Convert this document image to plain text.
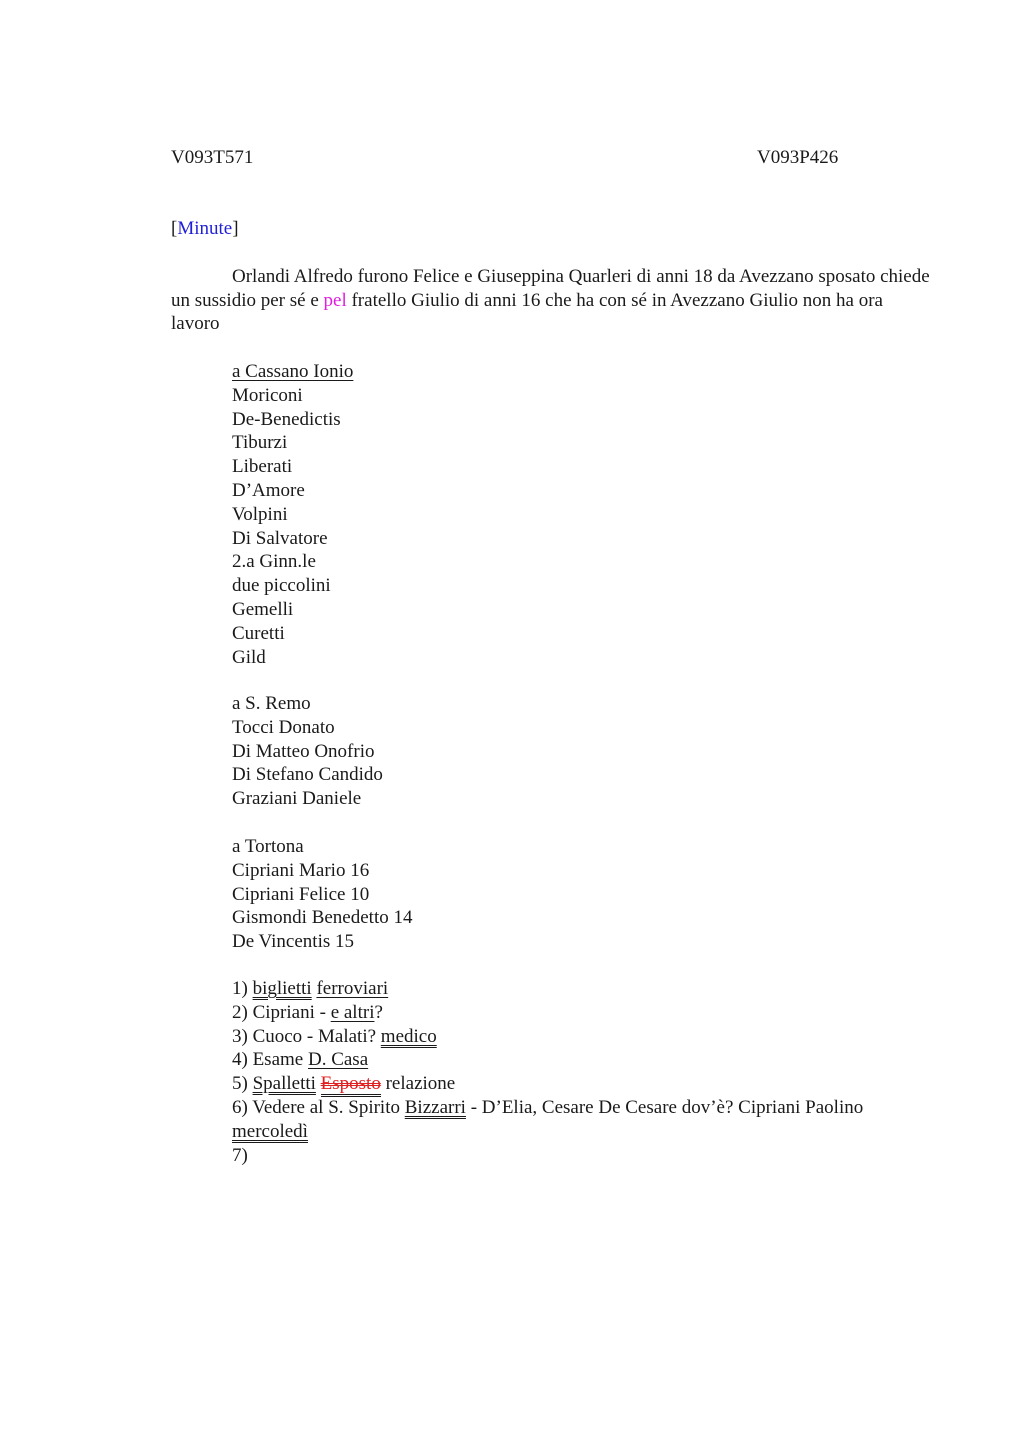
V093T571	V093P426
[Minute]
Orlandi Alfredo furono Felice e Giuseppina Quarleri di anni 18 da Avezzano sposato chiede un sussidio per sé e pel fratello Giulio di anni 16 che ha con sé in Avezzano Giulio non ha ora lavoro
a Cassano Ionio
Moriconi
De-Benedictis
Tiburzi
Liberati
D’Amore
Volpini
Di Salvatore
2.a Ginn.le
due piccolini
Gemelli
Curetti
Gild
a S. Remo
Tocci Donato
Di Matteo Onofrio
Di Stefano Candido
Graziani Daniele
a Tortona
Cipriani Mario 16
Cipriani Felice 10
Gismondi Benedetto 14
De Vincentis 15
1) biglietti ferroviari
2) Cipriani - e altri?
3) Cuoco - Malati? medico
4) Esame D. Casa
5) Spalletti Esposto relazione
6) Vedere al S. Spirito Bizzarri - D’Elia, Cesare De Cesare dov’è? Cipriani Paolino
mercoledì
7)
